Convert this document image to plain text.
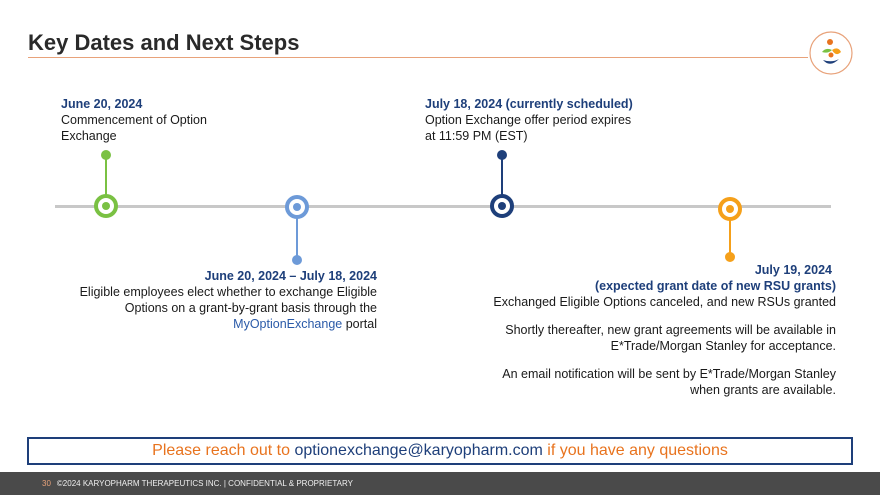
Key Dates and Next Steps
June 20, 2024
Commencement of Option
Exchange
June 20, 2024 – July 18, 2024
Eligible employees elect whether to exchange Eligible
Options on a grant-by-grant basis through the
MyOptionExchange portal
July 18, 2024 (currently scheduled)
Option Exchange offer period expires
at 11:59 PM (EST)
July 19, 2024
(expected grant date of new RSU grants)
Exchanged Eligible Options canceled, and new RSUs granted
Shortly thereafter, new grant agreements will be available in
E*Trade/Morgan Stanley for acceptance.
An email notification will be sent by E*Trade/Morgan Stanley
when grants are available.
Please reach out to optionexchange@karyopharm.com if you have any questions
30 ©2024 KARYOPHARM THERAPEUTICS INC. | CONFIDENTIAL & PROPRIETARY
